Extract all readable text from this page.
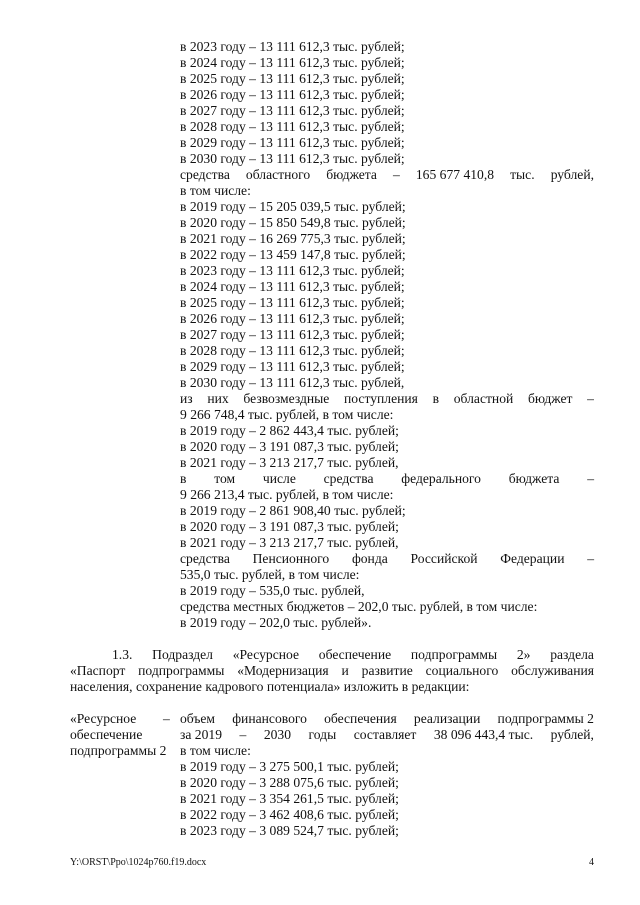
в 2023 году – 13 111 612,3 тыс. рублей;
в 2024 году – 13 111 612,3 тыс. рублей;
в 2025 году – 13 111 612,3 тыс. рублей;
в 2026 году – 13 111 612,3 тыс. рублей;
в 2027 году – 13 111 612,3 тыс. рублей;
в 2028 году – 13 111 612,3 тыс. рублей;
в 2029 году – 13 111 612,3 тыс. рублей;
в 2030 году – 13 111 612,3 тыс. рублей;
средства областного бюджета – 165 677 410,8 тыс. рублей,
в том числе:
в 2019 году – 15 205 039,5 тыс. рублей;
в 2020 году – 15 850 549,8 тыс. рублей;
в 2021 году – 16 269 775,3 тыс. рублей;
в 2022 году – 13 459 147,8 тыс. рублей;
в 2023 году – 13 111 612,3 тыс. рублей;
в 2024 году – 13 111 612,3 тыс. рублей;
в 2025 году – 13 111 612,3 тыс. рублей;
в 2026 году – 13 111 612,3 тыс. рублей;
в 2027 году – 13 111 612,3 тыс. рублей;
в 2028 году – 13 111 612,3 тыс. рублей;
в 2029 году – 13 111 612,3 тыс. рублей;
в 2030 году – 13 111 612,3 тыс. рублей,
из них безвозмездные поступления в областной бюджет –
9 266 748,4 тыс. рублей, в том числе:
в 2019 году – 2 862 443,4 тыс. рублей;
в 2020 году – 3 191 087,3 тыс. рублей;
в 2021 году – 3 213 217,7 тыс. рублей,
в том числе средства федерального бюджета –
9 266 213,4 тыс. рублей, в том числе:
в 2019 году – 2 861 908,40 тыс. рублей;
в 2020 году – 3 191 087,3 тыс. рублей;
в 2021 году – 3 213 217,7 тыс. рублей,
средства Пенсионного фонда Российской Федерации –
535,0 тыс. рублей, в том числе:
в 2019 году – 535,0 тыс. рублей,
средства местных бюджетов – 202,0 тыс. рублей, в том числе:
в 2019 году – 202,0 тыс. рублей».
1.3. Подраздел «Ресурсное обеспечение подпрограммы 2» раздела
«Паспорт подпрограммы «Модернизация и развитие социального обслуживания
населения, сохранение кадрового потенциала» изложить в редакции:
«Ресурсное
обеспечение
подпрограммы 2
– объем финансового обеспечения реализации подпрограммы 2
за 2019 – 2030 годы составляет 38 096 443,4 тыс. рублей,
в том числе:
в 2019 году – 3 275 500,1 тыс. рублей;
в 2020 году – 3 288 075,6 тыс. рублей;
в 2021 году – 3 354 261,5 тыс. рублей;
в 2022 году – 3 462 408,6 тыс. рублей;
в 2023 году – 3 089 524,7 тыс. рублей;
Y:\ORST\Ppo\1024p760.f19.docx	4
